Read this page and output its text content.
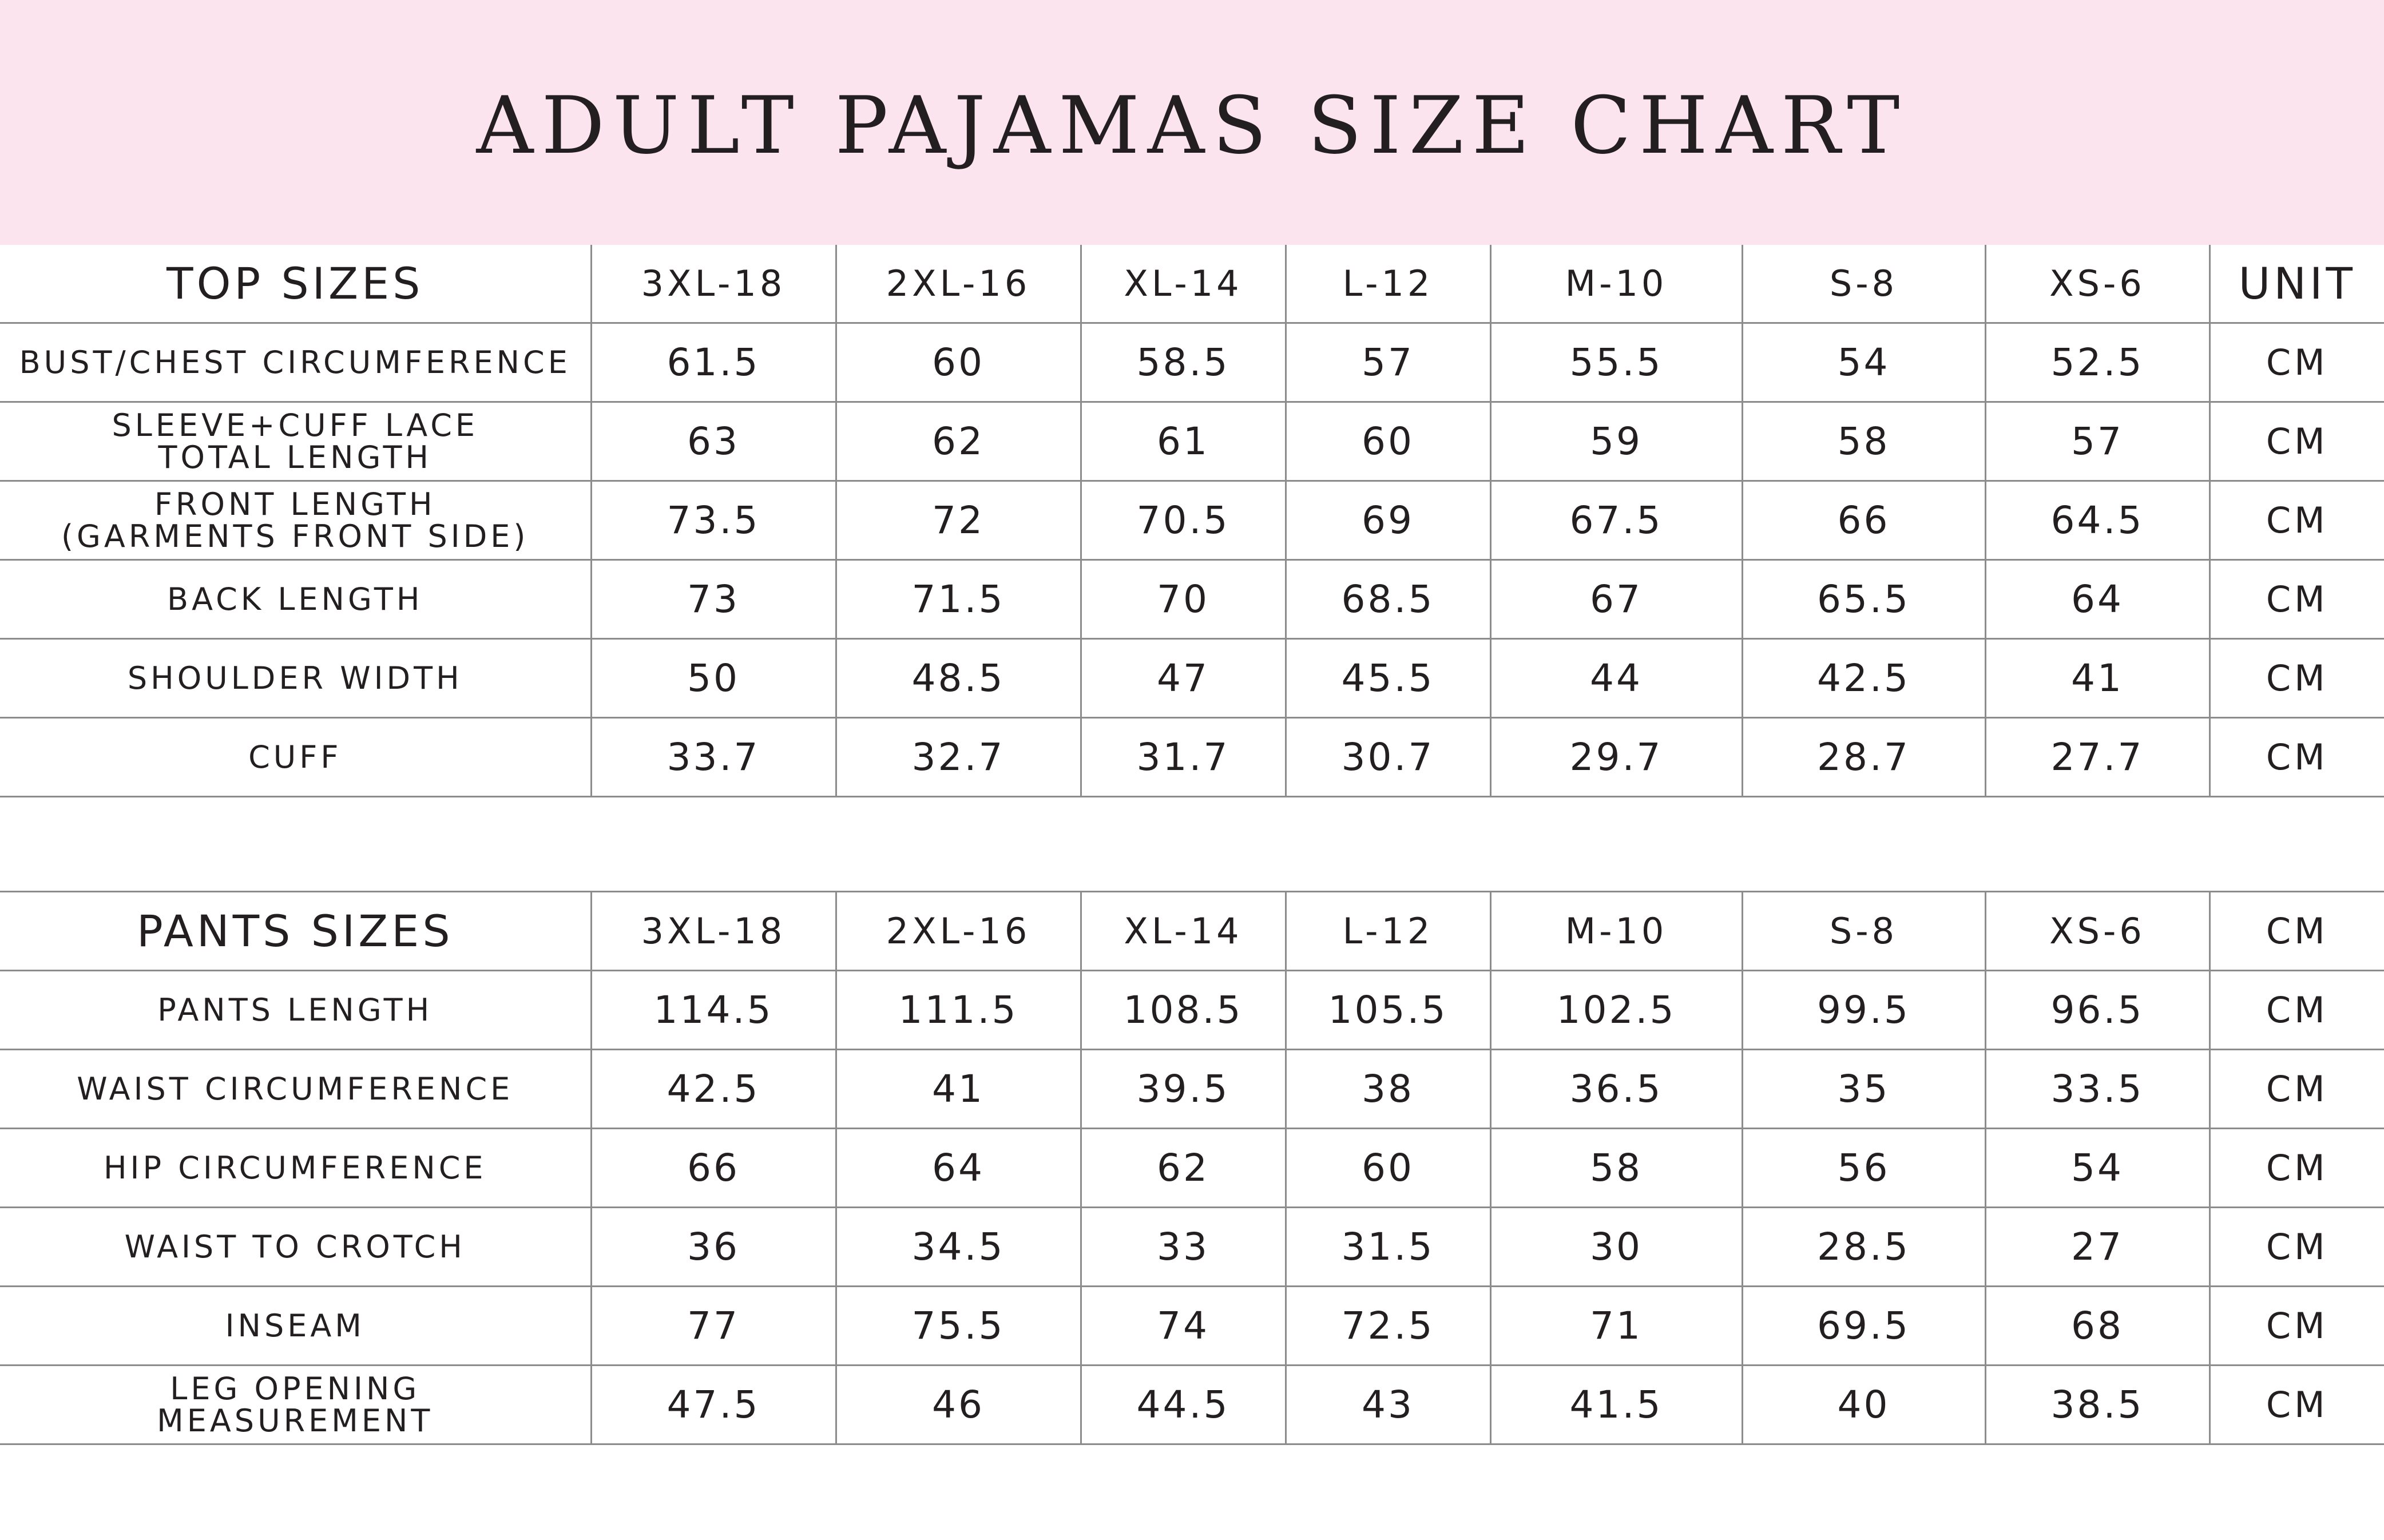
ADULT PAJAMAS SIZE CHART
TOP SIZES	3XL-18	2XL-16	XL-14	L-12	M-10	S-8	XS-6	UNIT
BUST/CHEST CIRCUMFERENCE	61.5	60	58.5	57	55.5	54	52.5	CM
SLEEVE+CUFF LACE
TOTAL LENGTH	63	62	61	60	59	58	57	CM
FRONT LENGTH
(GARMENTS FRONT SIDE)	73.5	72	70.5	69	67.5	66	64.5	CM
BACK LENGTH	73	71.5	70	68.5	67	65.5	64	CM
SHOULDER WIDTH	50	48.5	47	45.5	44	42.5	41	CM
CUFF	33.7	32.7	31.7	30.7	29.7	28.7	27.7	CM
PANTS SIZES	3XL-18	2XL-16	XL-14	L-12	M-10	S-8	XS-6	CM
PANTS LENGTH	114.5	111.5	108.5	105.5	102.5	99.5	96.5	CM
WAIST CIRCUMFERENCE	42.5	41	39.5	38	36.5	35	33.5	CM
HIP CIRCUMFERENCE	66	64	62	60	58	56	54	CM
WAIST TO CROTCH	36	34.5	33	31.5	30	28.5	27	CM
INSEAM	77	75.5	74	72.5	71	69.5	68	CM
LEG OPENING
MEASUREMENT	47.5	46	44.5	43	41.5	40	38.5	CM
